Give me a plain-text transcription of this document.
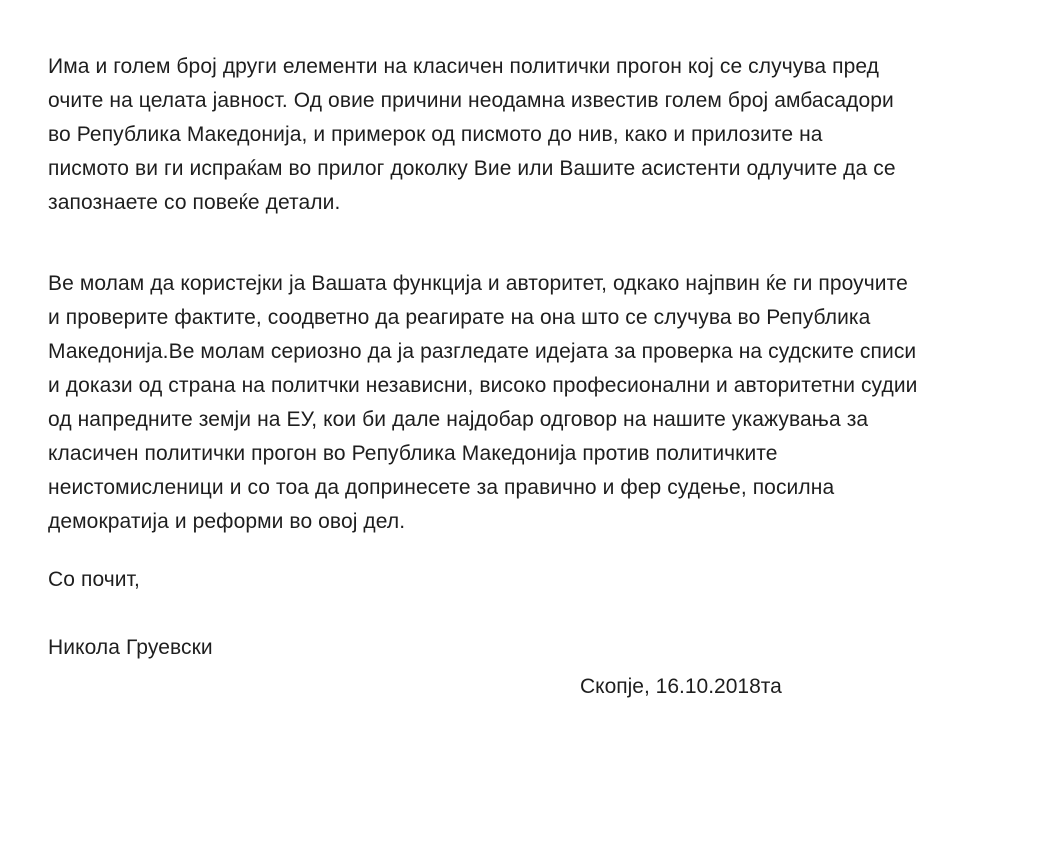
Има и голем број други елементи на класичен политички прогон кој се случува пред
очите на целата јавност. Од овие причини неодамна известив голем број амбасадори
во Република Македонија, и примерок од писмото до нив, како и прилозите на
писмото ви ги испраќам во прилог доколку Вие или Вашите асистенти одлучите да се
запознаете со повеќе детали.
Ве молам да користејки ја Вашата функција и авторитет, одкако најпвин ќе ги проучите
и проверите фактите, соодветно да реагирате на она што се случува во Република
Македонија.Ве молам сериозно да ја разгледате идејата за проверка на судските списи
и докази од страна на политчки независни, високо професионални и авторитетни судии
од напредните земји на ЕУ, кои би дале најдобар одговор на нашите укажувања за
класичен политички прогон во Република Македонија против политичките
неистомисленици и со тоа да допринесете за правично и фер судење, посилна
демократија и реформи во овој дел.
Со почит,
Никола Груевски
Скопје, 16.10.2018та
